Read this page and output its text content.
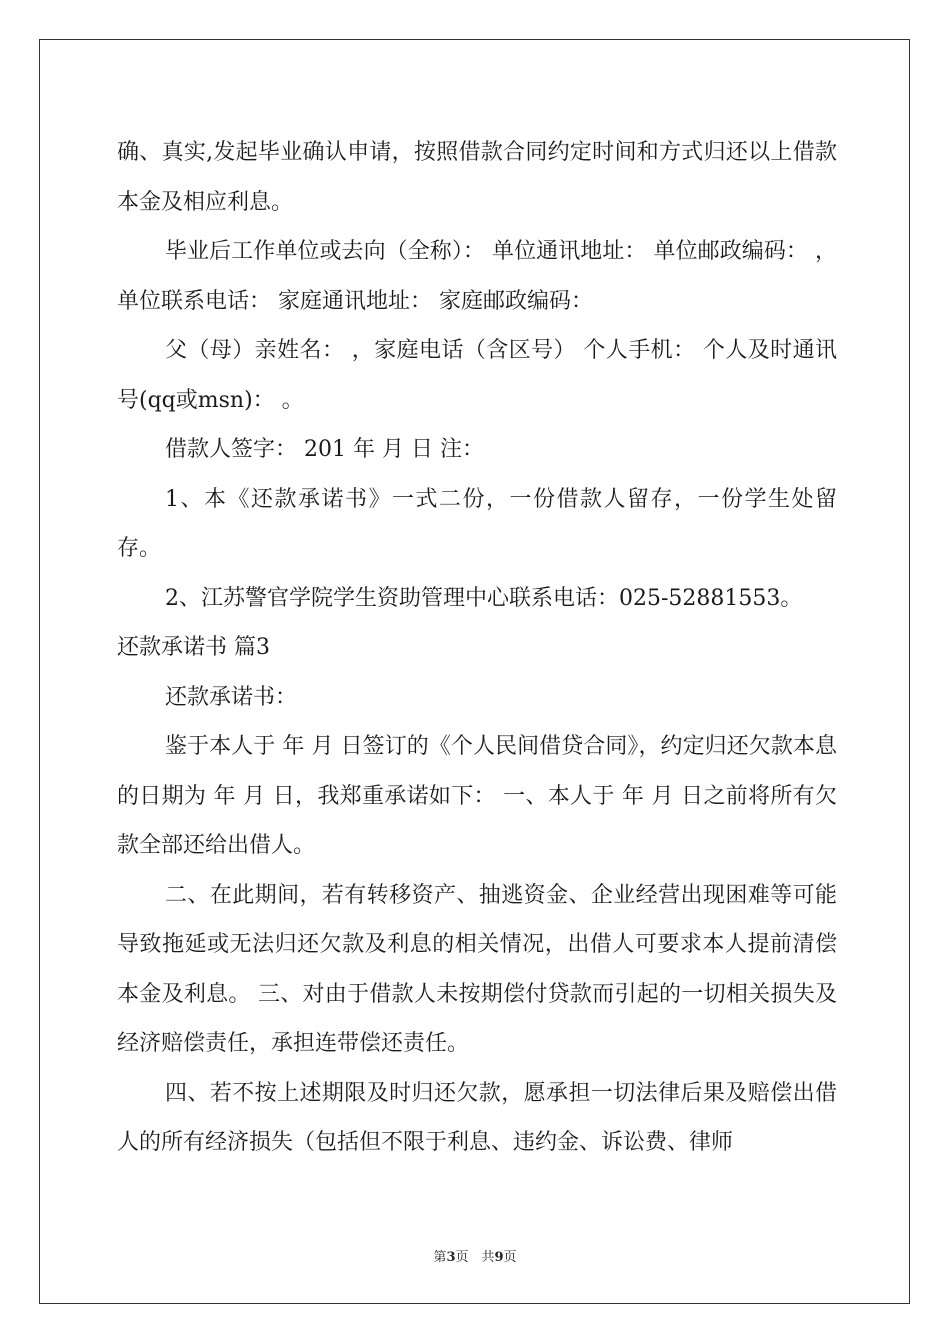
确、真实,发起毕业确认申请，按照借款合同约定时间和方式归还以上借款本金及相应利息。

毕业后工作单位或去向（全称）： 单位通讯地址： 单位邮政编码： ， 单位联系电话： 家庭通讯地址： 家庭邮政编码：

父（母）亲姓名： ，家庭电话（含区号） 个人手机： 个人及时通讯号(qq或msn)： 。

借款人签字： 201 年 月 日 注：

1、本《还款承诺书》一式二份，一份借款人留存，一份学生处留存。

2、江苏警官学院学生资助管理中心联系电话：025-52881553。

还款承诺书 篇3

还款承诺书：

鉴于本人于 年 月 日签订的《个人民间借贷合同》，约定归还欠款本息的日期为 年 月 日，我郑重承诺如下： 一、本人于 年 月 日之前将所有欠款全部还给出借人。

二、在此期间，若有转移资产、抽逃资金、企业经营出现困难等可能导致拖延或无法归还欠款及利息的相关情况，出借人可要求本人提前清偿本金及利息。 三、对由于借款人未按期偿付贷款而引起的一切相关损失及经济赔偿责任，承担连带偿还责任。

四、若不按上述期限及时归还欠款，愿承担一切法律后果及赔偿出借人的所有经济损失（包括但不限于利息、违约金、诉讼费、律师

第3页　共9页
